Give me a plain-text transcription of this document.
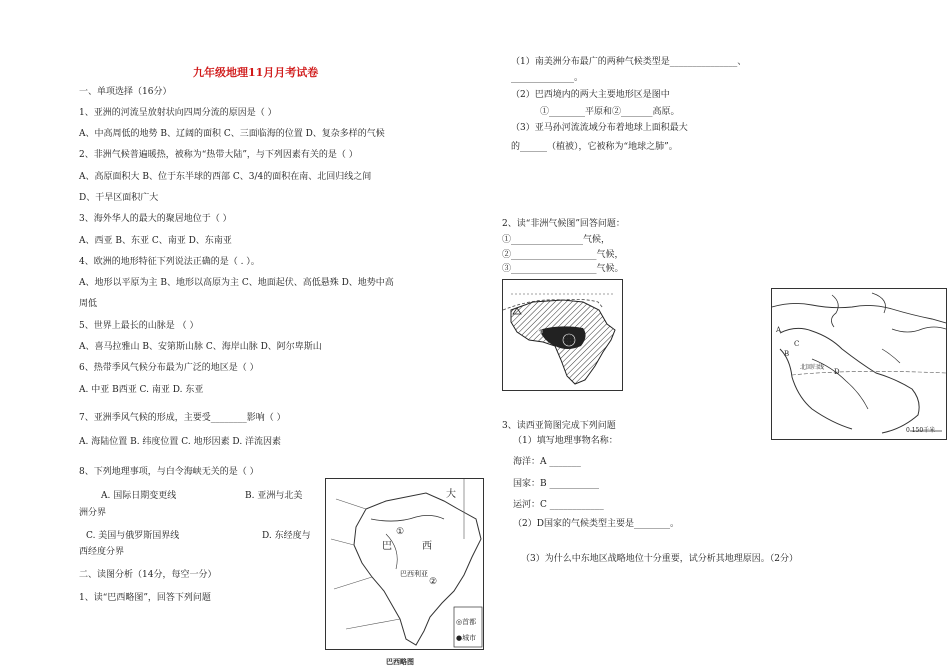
九年级地理11月月考试卷
一、单项选择（16分）
1、亚洲的河流呈放射状向四周分流的原因是（ ）
A、中高周低的地势 B、辽阔的面积 C、三面临海的位置 D、复杂多样的气候
2、非洲气候普遍暖热，被称为“热带大陆”，与下列因素有关的是（ ）
A、高原面积大 B、位于东半球的西部 C、3/4的面积在南、北回归线之间
D、干旱区面积广大
3、海外华人的最大的聚居地位于（ ）
A、西亚 B、东亚 C、南亚 D、东南亚
4、欧洲的地形特征下列说法正确的是（ . ）。
A、地形以平原为主 B、地形以高原为主 C、地面起伏、高低悬殊 D、地势中高
周低
5、世界上最长的山脉是 （ ）
A、喜马拉雅山 B、安第斯山脉 C、海岸山脉 D、阿尔卑斯山
6、热带季风气候分布最为广泛的地区是（ ）
A. 中亚 B西亚 C. 南亚 D. 东亚
7、亚洲季风气候的形成，主要受________影响（ ）
A. 海陆位置 B. 纬度位置 C. 地形因素 D. 洋流因素
8、下列地理事项，与白令海峡无关的是（ ）
A. 国际日期变更线	B. 亚洲与北美
洲分界
C. 美国与俄罗斯国界线	D. 东经度与
西经度分界
二、读图分析（14分，每空一分）
1、读“巴西略图”，回答下列问题
大
巴	西
①
②
巴西利亚
◎首都
●城市
巴西略图
（1）南美洲分布最广的两种气候类型是_______________、
______________。
（2）巴西境内的两大主要地形区是图中
①________平原和②_______高原。
（3）亚马孙河流流域分布着地球上面积最大
的______（植被），它被称为“地球之肺”。
2、读“非洲气候图”回答问题：
①________________气候，
②___________________气候，
③___________________气候。
③
①
A
B
C
D
北回归线
0 150千米
3、读西亚简图完成下列问题
（1）填写地理事物名称：
海洋：A _______
国家：B ___________
运河：C ____________
（2）D国家的气候类型主要是________。
（3）为什么中东地区战略地位十分重要，试分析其地理原因。（2分）
